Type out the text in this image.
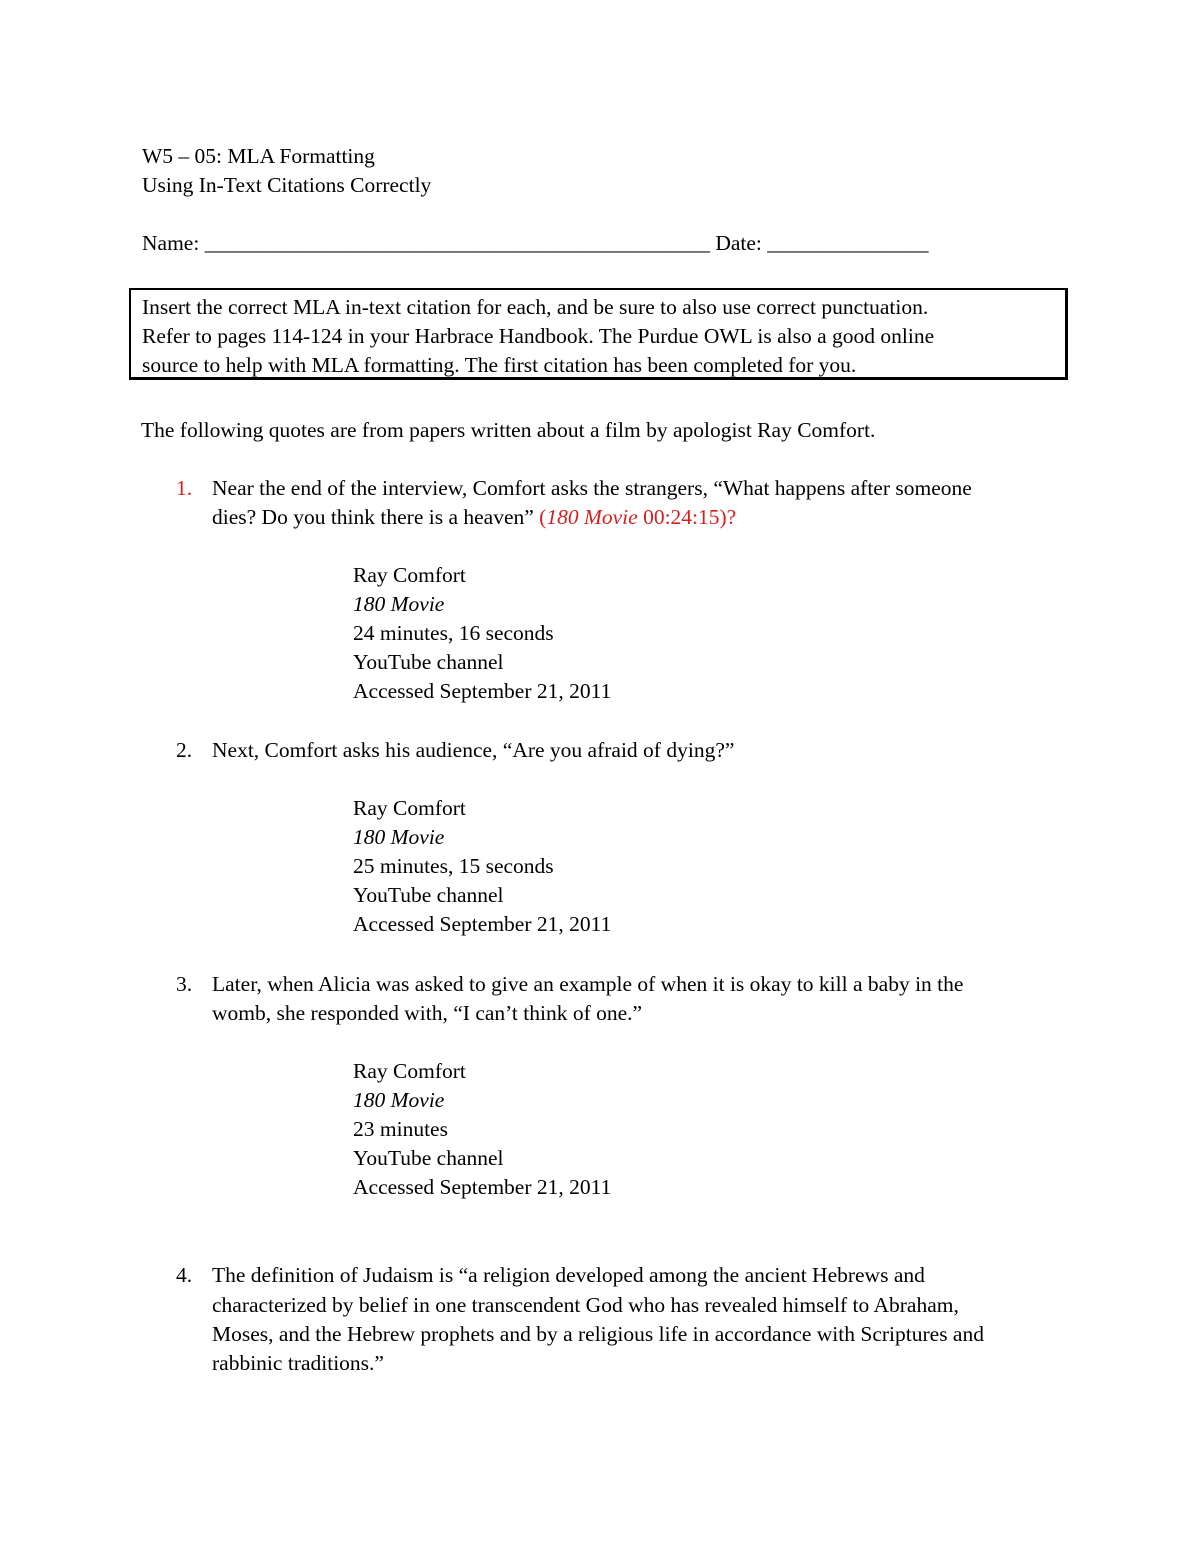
W5 – 05: MLA Formatting
Using In-Text Citations Correctly
Name: _______________________________________________ Date: _______________
Insert the correct MLA in-text citation for each, and be sure to also use correct punctuation.
Refer to pages 114-124 in your Harbrace Handbook. The Purdue OWL is also a good online
source to help with MLA formatting. The first citation has been completed for you.
The following quotes are from papers written about a film by apologist Ray Comfort.
1. Near the end of the interview, Comfort asks the strangers, “What happens after someone
dies? Do you think there is a heaven” (180 Movie 00:24:15)?
Ray Comfort
180 Movie
24 minutes, 16 seconds
YouTube channel
Accessed September 21, 2011
2. Next, Comfort asks his audience, “Are you afraid of dying?”
Ray Comfort
180 Movie
25 minutes, 15 seconds
YouTube channel
Accessed September 21, 2011
3. Later, when Alicia was asked to give an example of when it is okay to kill a baby in the
womb, she responded with, “I can’t think of one.”
Ray Comfort
180 Movie
23 minutes
YouTube channel
Accessed September 21, 2011
4. The definition of Judaism is “a religion developed among the ancient Hebrews and
characterized by belief in one transcendent God who has revealed himself to Abraham,
Moses, and the Hebrew prophets and by a religious life in accordance with Scriptures and
rabbinic traditions.”
